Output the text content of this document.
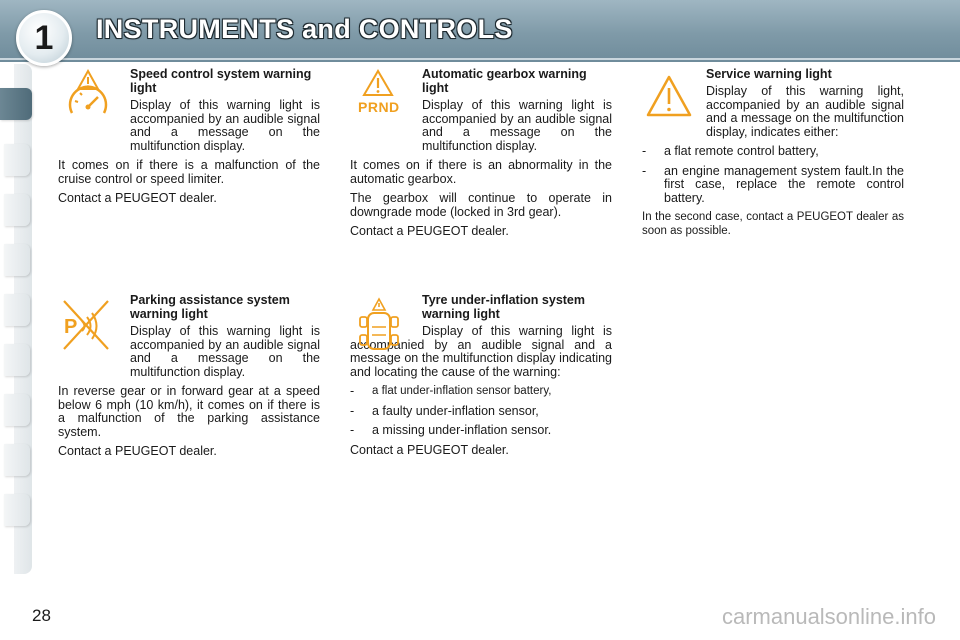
1 INSTRUMENTS and CONTROLS
Speed control system warning light
Display of this warning light is accompanied by an audible signal and a message on the multifunction display.
It comes on if there is a malfunction of the cruise control or speed limiter.
Contact a PEUGEOT dealer.
PRND
Automatic gearbox warning light
Display of this warning light is accompanied by an audible signal and a message on the multifunction display.
It comes on if there is an abnormality in the automatic gearbox.
The gearbox will continue to operate in downgrade mode (locked in 3rd gear).
Contact a PEUGEOT dealer.
Service warning light
Display of this warning light, accompanied by an audible signal and a message on the multifunction display, indicates either:
-	a flat remote control battery,
-	an engine management system fault.In the first case, replace the remote control battery.
In the second case, contact a PEUGEOT dealer as soon as possible.
P
Parking assistance system warning light
Display of this warning light is accompanied by an audible signal and a message on the multifunction display.
In reverse gear or in forward gear at a speed below 6 mph (10 km/h), it comes on if there is a malfunction of the parking assistance system.
Contact a PEUGEOT dealer.
Tyre under-inflation system warning light
Display of this warning light is accompanied by an audible signal and a message on the multifunction display indicating and locating the cause of the warning:
-	a flat under-inflation sensor battery,
-	a faulty under-inflation sensor,
-	a missing under-inflation sensor.
Contact a PEUGEOT dealer.
28	carmanualsonline.info
